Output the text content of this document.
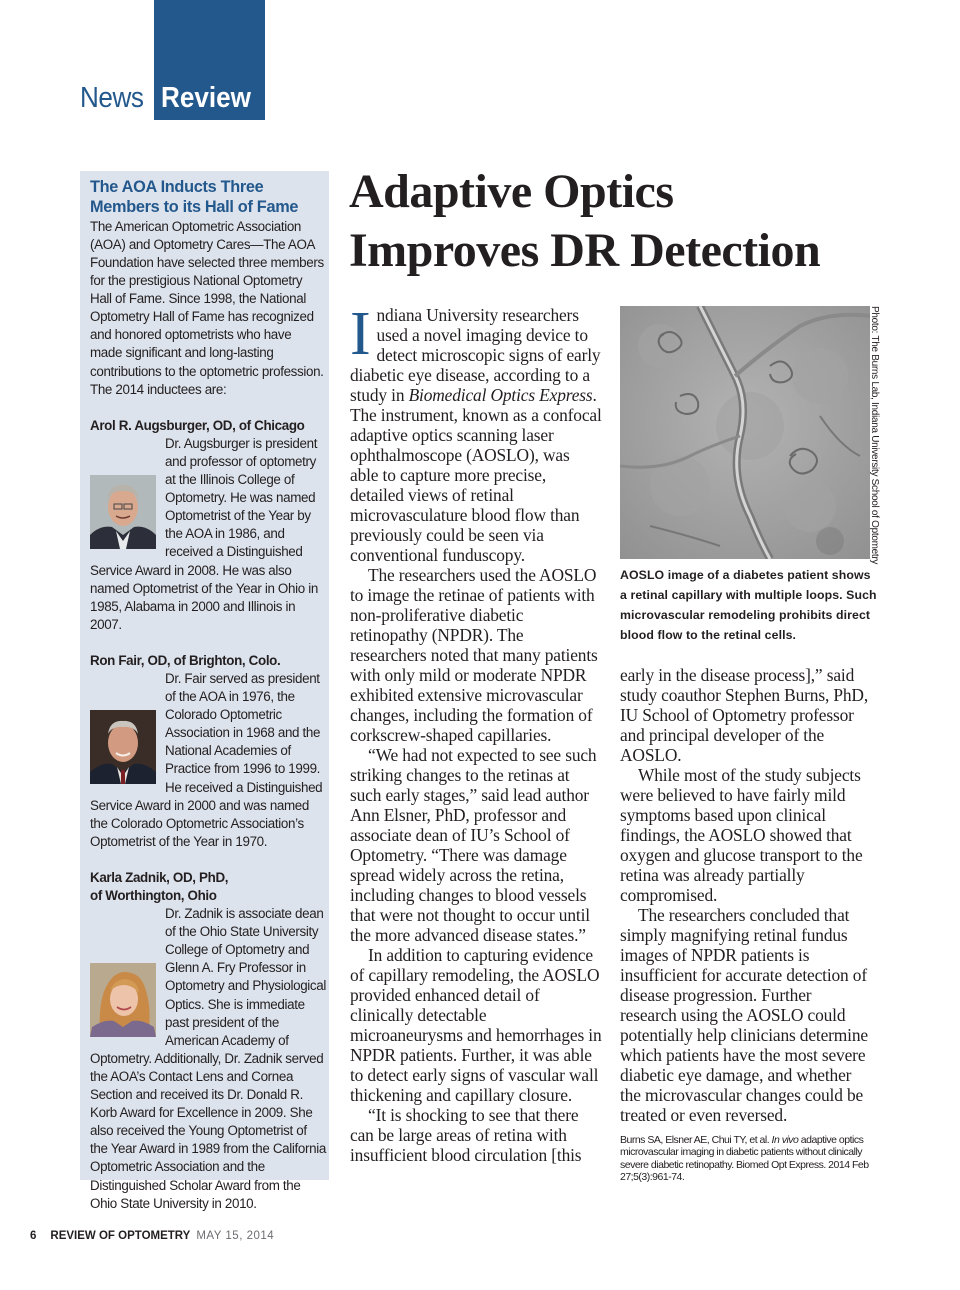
News Review
The AOA Inducts Three Members to its Hall of Fame

The American Optometric Association (AOA) and Optometry Cares—The AOA Foundation have selected three members for the prestigious National Optometry Hall of Fame. Since 1998, the National Optometry Hall of Fame has recognized and honored optometrists who have made significant and long-lasting contributions to the optometric profession. The 2014 inductees are:

Arol R. Augsburger, OD, of Chicago

Dr. Augsburger is president and professor of optometry at the Illinois College of Optometry. He was named Optometrist of the Year by the AOA in 1986, and received a Distinguished Service Award in 2008. He was also named Optometrist of the Year in Ohio in 1985, Alabama in 2000 and Illinois in 2007.

Ron Fair, OD, of Brighton, Colo.

Dr. Fair served as president of the AOA in 1976, the Colorado Optometric Association in 1968 and the National Academies of Practice from 1996 to 1999. He received a Distinguished Service Award in 2000 and was named the Colorado Optometric Association’s Optometrist of the Year in 1970.

Karla Zadnik, OD, PhD, of Worthington, Ohio

Dr. Zadnik is associate dean of the Ohio State University College of Optometry and Glenn A. Fry Professor in Optometry and Physiological Optics. She is immediate past president of the American Academy of Optometry. Additionally, Dr. Zadnik served the AOA’s Contact Lens and Cornea Section and received its Dr. Donald R. Korb Award for Excellence in 2009. She also received the Young Optometrist of the Year Award in 1989 from the California Optometric Association and the Distinguished Scholar Award from the Ohio State University in 2010.

Adaptive Optics
Improves DR Detection

Indiana University researchers used a novel imaging device to detect microscopic signs of early diabetic eye disease, according to a study in Biomedical Optics Express. The instrument, known as a confocal adaptive optics scanning laser ophthalmoscope (AOSLO), was able to capture more precise, detailed views of retinal microvasculature blood flow than previously could be seen via conventional funduscopy.

The researchers used the AOSLO to image the retinae of patients with non-proliferative diabetic retinopathy (NPDR). The researchers noted that many patients with only mild or moderate NPDR exhibited extensive microvascular changes, including the formation of corkscrew-shaped capillaries.

“We had not expected to see such striking changes to the retinas at such early stages,” said lead author Ann Elsner, PhD, professor and associate dean of IU’s School of Optometry. “There was damage spread widely across the retina, including changes to blood vessels that were not thought to occur until the more advanced disease states.”

In addition to capturing evidence of capillary remodeling, the AOSLO provided enhanced detail of clinically detectable microaneurysms and hemorrhages in NPDR patients. Further, it was able to detect early signs of vascular wall thickening and capillary closure.

“It is shocking to see that there can be large areas of retina with insufficient blood circulation [this

Photo: The Burns Lab, Indiana University School of Optometry
AOSLO image of a diabetes patient shows a retinal capillary with multiple loops. Such microvascular remodeling prohibits direct blood flow to the retinal cells.

early in the disease process],” said study coauthor Stephen Burns, PhD, IU School of Optometry professor and principal developer of the AOSLO.

While most of the study subjects were believed to have fairly mild symptoms based upon clinical findings, the AOSLO showed that oxygen and glucose transport to the retina was already partially compromised.

The researchers concluded that simply magnifying retinal fundus images of NPDR patients is insufficient for accurate detection of disease progression. Further research using the AOSLO could potentially help clinicians determine which patients have the most severe diabetic eye damage, and whether the microvascular changes could be treated or even reversed.

Burns SA, Elsner AE, Chui TY, et al. In vivo adaptive optics microvascular imaging in diabetic patients without clinically severe diabetic retinopathy. Biomed Opt Express. 2014 Feb 27;5(3):961-74.
6 REVIEW OF OPTOMETRY MAY 15, 2014
